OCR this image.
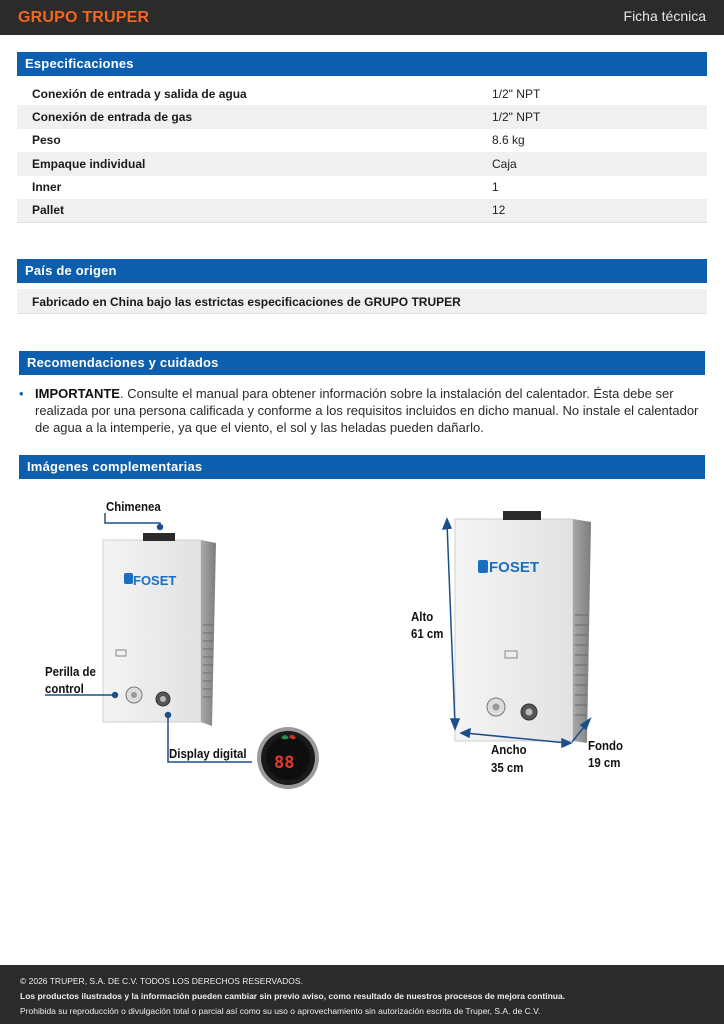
GRUPO TRUPER	Ficha técnica
Especificaciones
Conexión de entrada y salida de agua	1/2" NPT
Conexión de entrada de gas	1/2" NPT
Peso	8.6 kg
Empaque individual	Caja
Inner	1
Pallet	12
País de origen
Fabricado en China bajo las estrictas especificaciones de GRUPO TRUPER
Recomendaciones y cuidados
• IMPORTANTE. Consulte el manual para obtener información sobre la instalación del calentador. Ésta debe ser realizada por una persona calificada y conforme a los requisitos incluidos en dicho manual. No instale el calentador de agua a la intemperie, ya que el viento, el sol y las heladas pueden dañarlo.
Imágenes complementarias
88
FOSET
FOSET
Chimenea
Perilla de
control
Display digital
Alto
61 cm
Ancho
35 cm
Fondo
19 cm
© 2026 TRUPER, S.A. DE C.V. TODOS LOS DERECHOS RESERVADOS.
Los productos ilustrados y la información pueden cambiar sin previo aviso, como resultado de nuestros procesos de mejora continua.
Prohibida su reproducción o divulgación total o parcial así como su uso o aprovechamiento sin autorización escrita de Truper, S.A. de C.V.
